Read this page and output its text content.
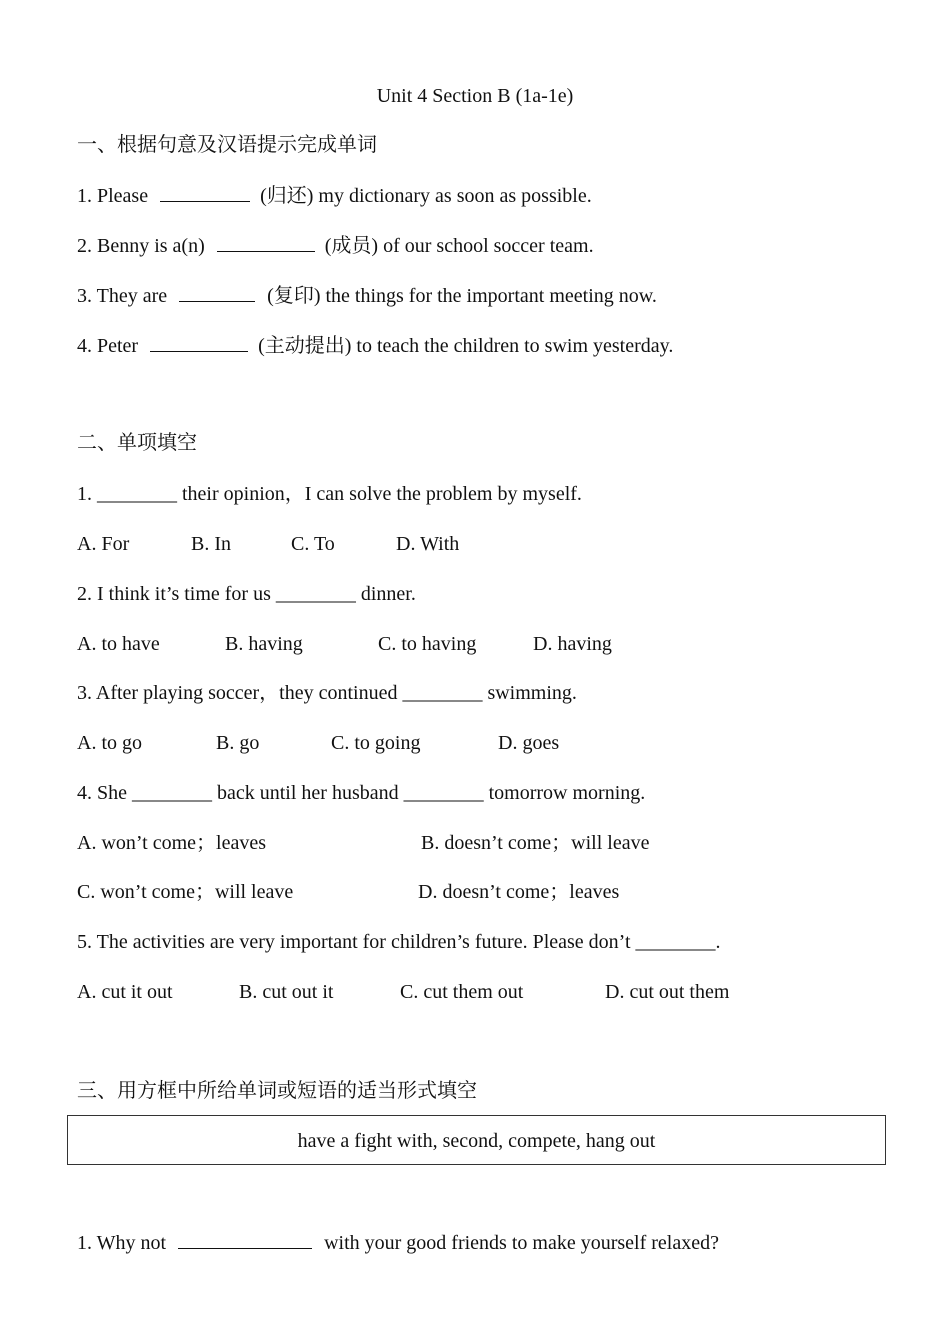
Unit 4 Section B (1a-1e)
一、根据句意及汉语提示完成单词
1. Please	(归还) my dictionary as soon as possible.
2. Benny is a(n)	(成员) of our school soccer team.
3. They are	(复印) the things for the important meeting now.
4. Peter	(主动提出) to teach the children to swim yesterday.
二、单项填空
1. ________ their opinion，I can solve the problem by myself.
A. For	B. In	C. To	D. With
2. I think it’s time for us ________ dinner.
A. to have	B. having	C. to having	D. having
3. After playing soccer，they continued ________ swimming.
A. to go	B. go	C. to going	D. goes
4. She ________ back until her husband ________ tomorrow morning.
A. won’t come；leaves	B. doesn’t come；will leave
C. won’t come；will leave	D. doesn’t come；leaves
5. The activities are very important for children’s future. Please don’t ________.
A. cut it out	B. cut out it	C. cut them out	D. cut out them
三、用方框中所给单词或短语的适当形式填空
have a fight with, second, compete, hang out
1. Why not	with your good friends to make yourself relaxed?
